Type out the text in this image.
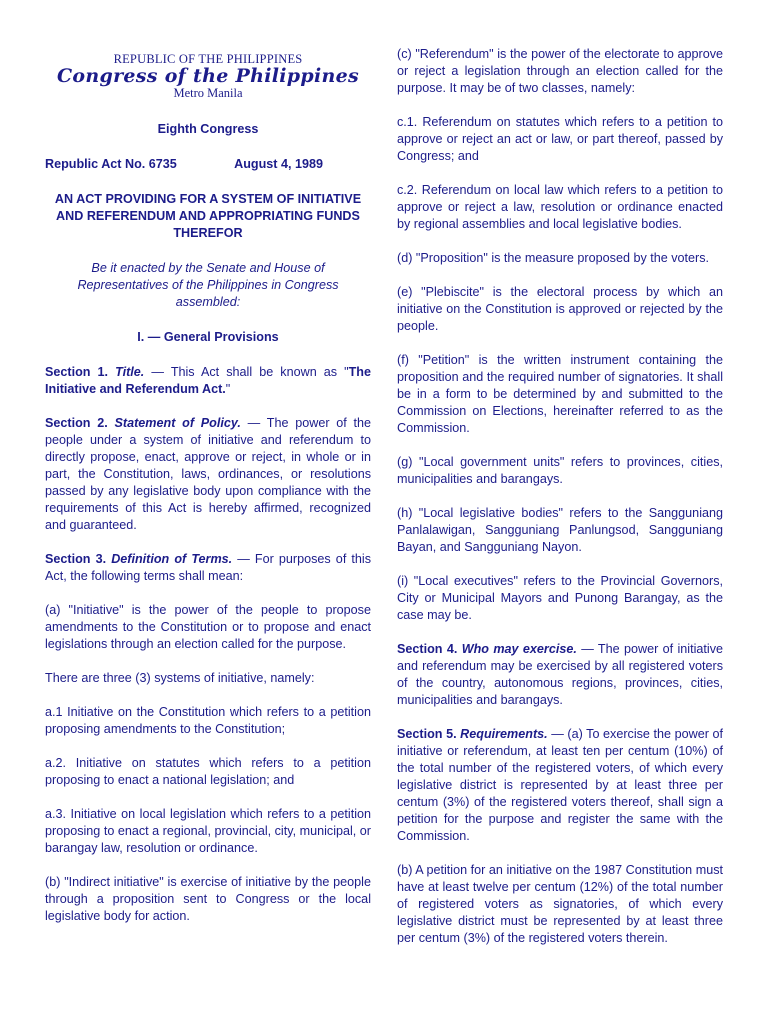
REPUBLIC OF THE PHILIPPINES
Congress of the Philippines
Metro Manila
Eighth Congress
Republic Act No. 6735	August 4, 1989
AN ACT PROVIDING FOR A SYSTEM OF INITIATIVE AND REFERENDUM AND APPROPRIATING FUNDS THEREFOR
Be it enacted by the Senate and House of Representatives of the Philippines in Congress assembled:
I. — General Provisions

Section 1. Title. — This Act shall be known as "The Initiative and Referendum Act."

Section 2. Statement of Policy. — The power of the people under a system of initiative and referendum to directly propose, enact, approve or reject, in whole or in part, the Constitution, laws, ordinances, or resolutions passed by any legislative body upon compliance with the requirements of this Act is hereby affirmed, recognized and guaranteed.

Section 3. Definition of Terms. — For purposes of this Act, the following terms shall mean:

(a) "Initiative" is the power of the people to propose amendments to the Constitution or to propose and enact legislations through an election called for the purpose.

There are three (3) systems of initiative, namely:

a.1 Initiative on the Constitution which refers to a petition proposing amendments to the Constitution;

a.2. Initiative on statutes which refers to a petition proposing to enact a national legislation; and

a.3. Initiative on local legislation which refers to a petition proposing to enact a regional, provincial, city, municipal, or barangay law, resolution or ordinance.

(b) "Indirect initiative" is exercise of initiative by the people through a proposition sent to Congress or the local legislative body for action.

(c) "Referendum" is the power of the electorate to approve or reject a legislation through an election called for the purpose. It may be of two classes, namely:

c.1. Referendum on statutes which refers to a petition to approve or reject an act or law, or part thereof, passed by Congress; and

c.2. Referendum on local law which refers to a petition to approve or reject a law, resolution or ordinance enacted by regional assemblies and local legislative bodies.

(d) "Proposition" is the measure proposed by the voters.

(e) "Plebiscite" is the electoral process by which an initiative on the Constitution is approved or rejected by the people.

(f) "Petition" is the written instrument containing the proposition and the required number of signatories. It shall be in a form to be determined by and submitted to the Commission on Elections, hereinafter referred to as the Commission.

(g) "Local government units" refers to provinces, cities, municipalities and barangays.

(h) "Local legislative bodies" refers to the Sangguniang Panlalawigan, Sangguniang Panlungsod, Sangguniang Bayan, and Sangguniang Nayon.

(i) "Local executives" refers to the Provincial Governors, City or Municipal Mayors and Punong Barangay, as the case may be.

Section 4. Who may exercise. — The power of initiative and referendum may be exercised by all registered voters of the country, autonomous regions, provinces, cities, municipalities and barangays.

Section 5. Requirements. — (a) To exercise the power of initiative or referendum, at least ten per centum (10%) of the total number of the registered voters, of which every legislative district is represented by at least three per centum (3%) of the registered voters thereof, shall sign a petition for the purpose and register the same with the Commission.

(b) A petition for an initiative on the 1987 Constitution must have at least twelve per centum (12%) of the total number of registered voters as signatories, of which every legislative district must be represented by at least three per centum (3%) of the registered voters therein.
